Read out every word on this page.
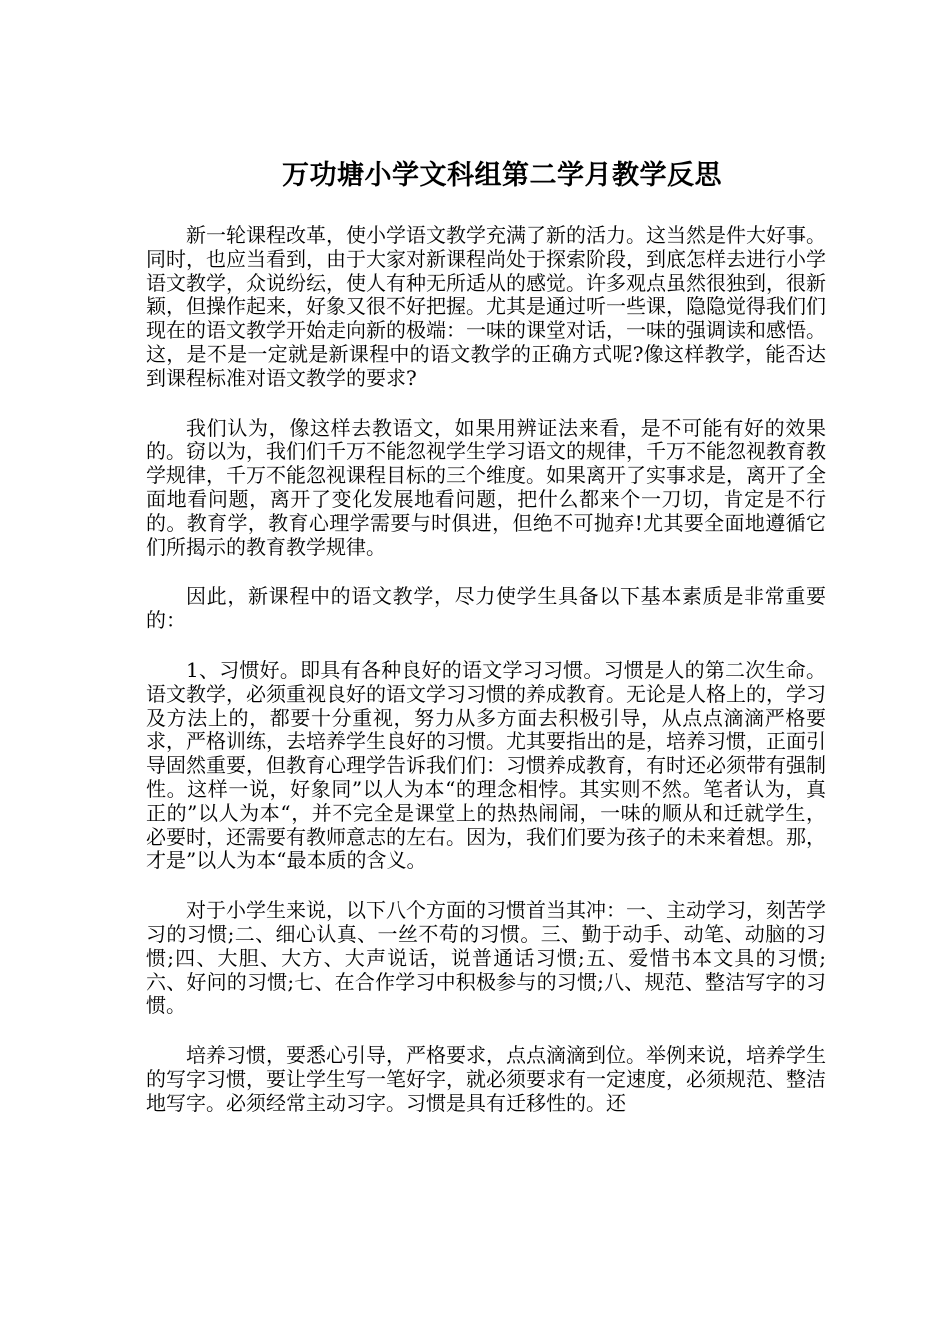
万功塘小学文科组第二学月教学反思

新一轮课程改革，使小学语文教学充满了新的活力。这当然是件大好事。同时，也应当看到，由于大家对新课程尚处于探索阶段，到底怎样去进行小学语文教学，众说纷纭，使人有种无所适从的感觉。许多观点虽然很独到，很新颖，但操作起来，好象又很不好把握。尤其是通过听一些课，隐隐觉得我们们现在的语文教学开始走向新的极端：一味的课堂对话，一味的强调读和感悟。这，是不是一定就是新课程中的语文教学的正确方式呢?像这样教学，能否达到课程标准对语文教学的要求?

我们认为，像这样去教语文，如果用辨证法来看，是不可能有好的效果的。窃以为，我们们千万不能忽视学生学习语文的规律，千万不能忽视教育教学规律，千万不能忽视课程目标的三个维度。如果离开了实事求是，离开了全面地看问题，离开了变化发展地看问题，把什么都来个一刀切，肯定是不行的。教育学，教育心理学需要与时俱进，但绝不可抛弃!尤其要全面地遵循它们所揭示的教育教学规律。

因此，新课程中的语文教学，尽力使学生具备以下基本素质是非常重要的：

1、习惯好。即具有各种良好的语文学习习惯。习惯是人的第二次生命。语文教学，必须重视良好的语文学习习惯的养成教育。无论是人格上的，学习及方法上的，都要十分重视，努力从多方面去积极引导，从点点滴滴严格要求，严格训练，去培养学生良好的习惯。尤其要指出的是，培养习惯，正面引导固然重要，但教育心理学告诉我们们：习惯养成教育，有时还必须带有强制性。这样一说，好象同”以人为本“的理念相悖。其实则不然。笔者认为，真正的”以人为本“，并不完全是课堂上的热热闹闹，一味的顺从和迁就学生，必要时，还需要有教师意志的左右。因为，我们们要为孩子的未来着想。那，才是”以人为本“最本质的含义。

对于小学生来说，以下八个方面的习惯首当其冲：一、主动学习，刻苦学习的习惯;二、细心认真、一丝不苟的习惯。三、勤于动手、动笔、动脑的习惯;四、大胆、大方、大声说话，说普通话习惯;五、爱惜书本文具的习惯;六、好问的习惯;七、在合作学习中积极参与的习惯;八、规范、整洁写字的习惯。

培养习惯，要悉心引导，严格要求，点点滴滴到位。举例来说，培养学生的写字习惯，要让学生写一笔好字，就必须要求有一定速度，必须规范、整洁地写字。必须经常主动习字。习惯是具有迁移性的。还
